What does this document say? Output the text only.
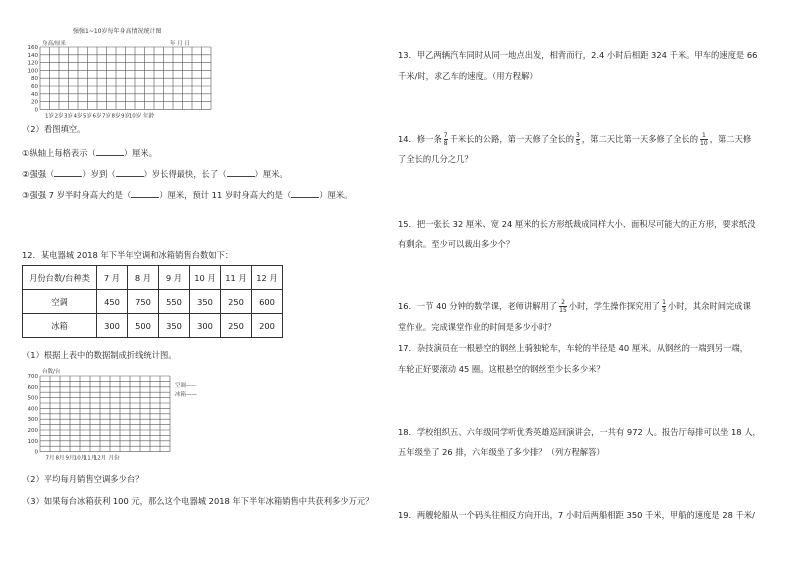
强强1~10岁每年身高情况统计图
身高/厘米	年 月 日
160
140
120
100
80
60
40
20
0
1岁 2岁 3岁 4岁 5岁 6岁 7岁 8岁 9岁
10岁 年龄
（2）看图填空。
①纵轴上每格表示（	）厘米。
②强强（	）岁到（	）岁长得最快，长了（	）厘米。
③强强 7 岁半时身高大约是（	）厘米，预计 11 岁时身高大约是（	）厘米。
12．某电器城 2018 年下半年空调和冰箱销售台数如下：
月份台数/台种类	7 月	8 月	9 月	10 月	11 月	12 月
空调	450	750	550	350	250	600
冰箱	300	500	350	300	250	200
（1）根据上表中的数据制成折线统计图。
台数/台
空调-----
冰箱——
700
600
500
400
300
200
100
0
7月 8月 9月 10月
11月
12月 月份
（2）平均每月销售空调多少台？
（3）如果每台冰箱获利 100 元，那么这个电器城 2018 年下半年冰箱销售中共获利多少万元？
13．甲乙两辆汽车同时从同一地点出发，相背而行，2.4 小时后相距 324 千米。甲车的速度是 66
千米/时，求乙车的速度。（用方程解）
14．修一条 $\frac{7}{8}$ 千米长的公路，第一天修了全长的 $\frac{3}{5}$ ，第二天比第一天多修了全长的 $\frac{1}{10}$ ，第二天修
了全长的几分之几？
15．把一张长 32 厘米、宽 24 厘米的长方形纸裁成同样大小、面积尽可能大的正方形，要求纸没
有剩余。至少可以裁出多少个？
16．一节 40 分钟的数学课，老师讲解用了 $\frac{2}{15}$ 小时，学生操作探究用了 $\frac{1}{3}$ 小时，其余时间完成课
堂作业。完成课堂作业的时间是多少小时？
17．杂技演员在一根悬空的钢丝上骑独轮车，车轮的半径是 40 厘米。从钢丝的一端到另一端，
车轮正好要滚动 45 圈。这根悬空的钢丝至少长多少米？
18．学校组织五、六年级同学听优秀英雄巡回演讲会，一共有 972 人。报告厅每排可以坐 18 人，
五年级坐了 26 排，六年级坐了多少排？（列方程解答）
19．两艘轮船从一个码头往相反方向开出，7 小时后两船相距 350 千米，甲船的速度是 28 千米/
